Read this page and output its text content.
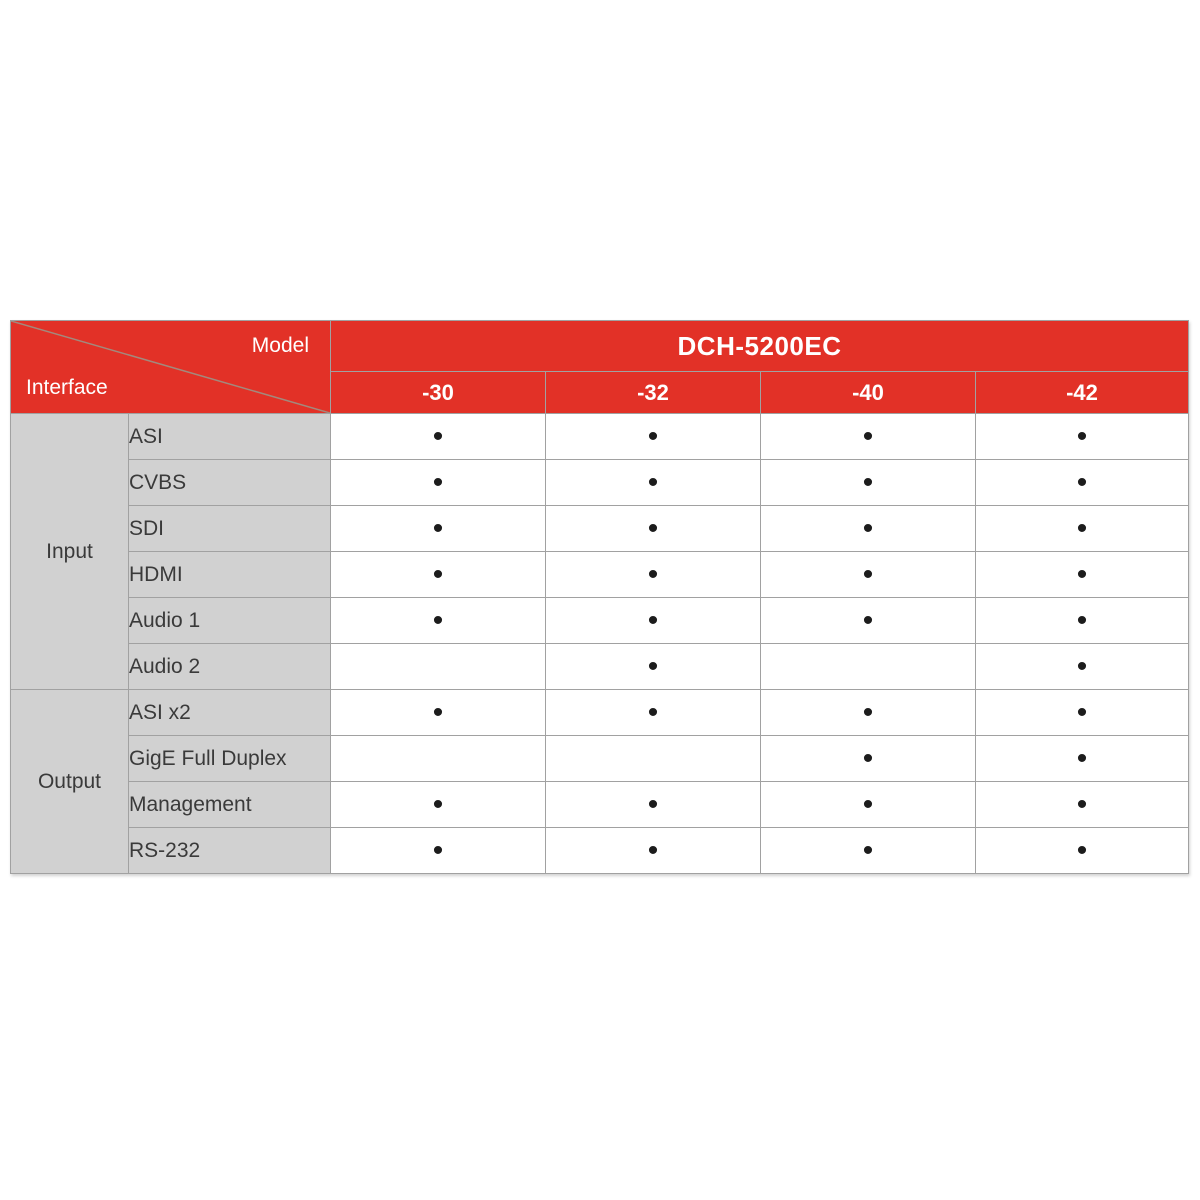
Model
Interface		DCH-5200EC			
		-30	-32	-40	-42
Input	ASI	•	•	•	•
	CVBS	•	•	•	•
	SDI	•	•	•	•
	HDMI	•	•	•	•
	Audio 1	•	•	•	•
	Audio 2		•		•
Output	ASI x2	•	•	•	•
	GigE Full Duplex			•	•
	Management	•	•	•	•
	RS-232	•	•	•	•
